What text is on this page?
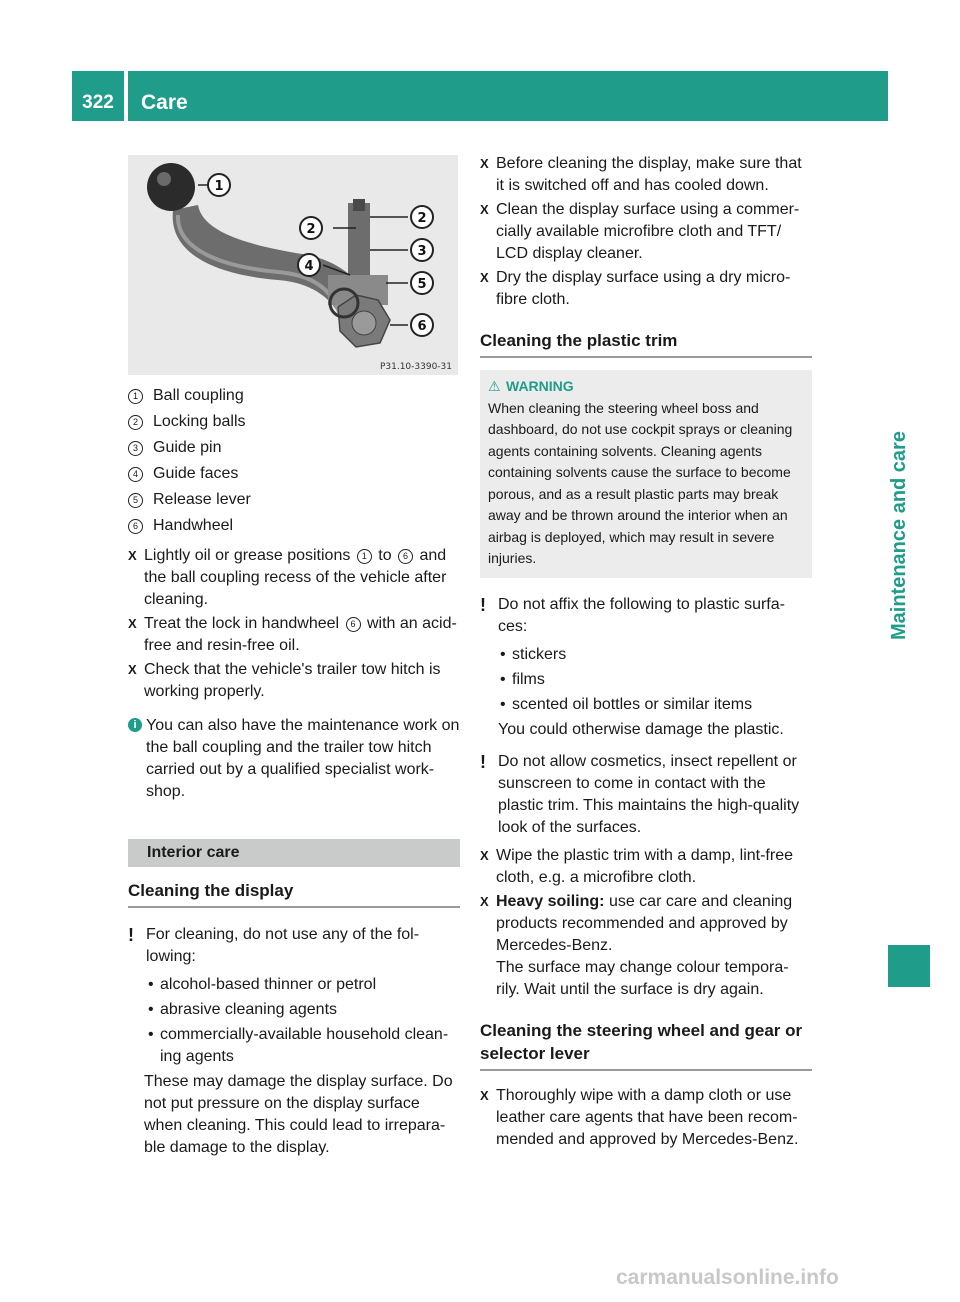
322	Care
Maintenance and care
1
2
2
3
4
5
6
P31.10-3390-31
1 Ball coupling
2 Locking balls
3 Guide pin
4 Guide faces
5 Release lever
6 Handwheel
X Lightly oil or grease positions 1 to 6 and the ball coupling recess of the vehicle after cleaning.
X Treat the lock in handwheel 6 with an acid-free and resin-free oil.
X Check that the vehicle's trailer tow hitch is working properly.
i You can also have the maintenance work on the ball coupling and the trailer tow hitch carried out by a qualified specialist work- shop.
Interior care
Cleaning the display
! For cleaning, do not use any of the fol- lowing:
• alcohol-based thinner or petrol
• abrasive cleaning agents
• commercially-available household clean- ing agents
These may damage the display surface. Do not put pressure on the display surface when cleaning. This could lead to irrepara- ble damage to the display.
X Before cleaning the display, make sure that it is switched off and has cooled down.
X Clean the display surface using a commer- cially available microfibre cloth and TFT/ LCD display cleaner.
X Dry the display surface using a dry micro- fibre cloth.
Cleaning the plastic trim
⚠ WARNING
When cleaning the steering wheel boss and dashboard, do not use cockpit sprays or cleaning agents containing solvents. Cleaning agents containing solvents cause the surface to become porous, and as a result plastic parts may break away and be thrown around the interior when an airbag is deployed, which may result in severe injuries.
! Do not affix the following to plastic surfa- ces:
• stickers
• films
• scented oil bottles or similar items
You could otherwise damage the plastic.
! Do not allow cosmetics, insect repellent or sunscreen to come in contact with the plastic trim. This maintains the high-quality look of the surfaces.
X Wipe the plastic trim with a damp, lint-free cloth, e.g. a microfibre cloth.
X Heavy soiling: use car care and cleaning products recommended and approved by Mercedes-Benz.
The surface may change colour tempora- rily. Wait until the surface is dry again.
Cleaning the steering wheel and gear or selector lever
X Thoroughly wipe with a damp cloth or use leather care agents that have been recom- mended and approved by Mercedes-Benz.
carmanualsonline.info
